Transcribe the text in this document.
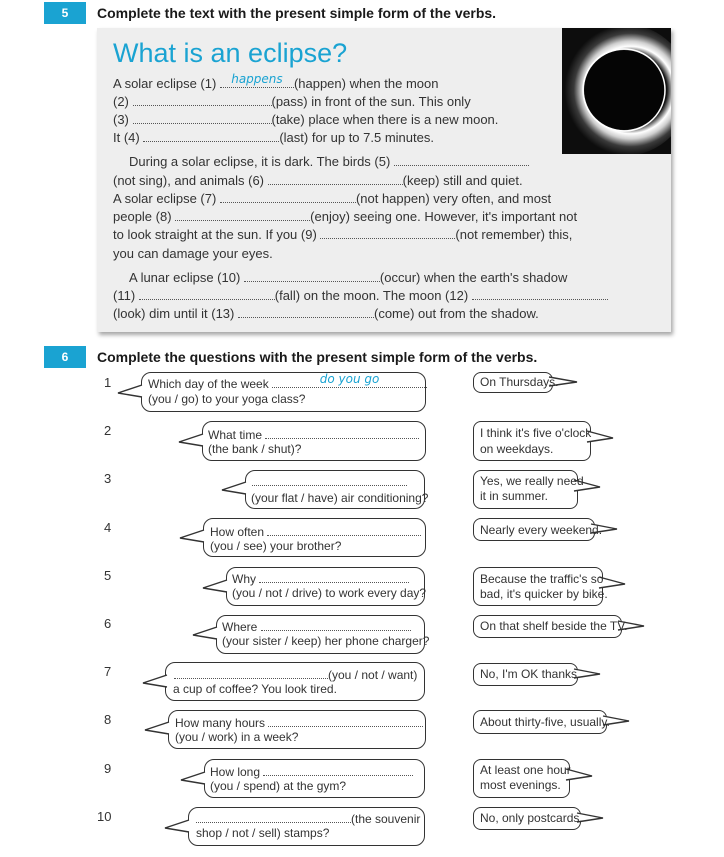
5	Complete the text with the present simple form of the verbs.
What is an eclipse?
A solar eclipse (1) happens (happen) when the moon
(2)	(pass) in front of the sun. This only
(3)	(take) place when there is a new moon.
It (4)	(last) for up to 7.5 minutes.
During a solar eclipse, it is dark. The birds (5)
(not sing), and animals (6)	(keep) still and quiet.
A solar eclipse (7)	(not happen) very often, and most
people (8)	(enjoy) seeing one. However, it's important not
to look straight at the sun. If you (9)	(not remember) this,
you can damage your eyes.
A lunar eclipse (10)	(occur) when the earth's shadow
(11)	(fall) on the moon. The moon (12)
(look) dim until it (13)	(come) out from the shadow.
6	Complete the questions with the present simple form of the verbs.
1	Which day of the week	do you go
(you / go) to your yoga class?
On Thursdays.
2	What time
(the bank / shut)?
I think it's five o'clock
on weekdays.
3
(your flat / have) air conditioning?
Yes, we really need
it in summer.
4	How often
(you / see) your brother?
Nearly every weekend.
5	Why
(you / not / drive) to work every day?
Because the traffic's so
bad, it's quicker by bike.
6	Where
(your sister / keep) her phone charger?
On that shelf beside the TV.
7	(you / not / want)
a cup of coffee? You look tired.
No, I'm OK thanks.
8	How many hours
(you / work) in a week?
About thirty-five, usually.
9	How long
(you / spend) at the gym?
At least one hour
most evenings.
10	(the souvenir
shop / not / sell) stamps?
No, only postcards.
